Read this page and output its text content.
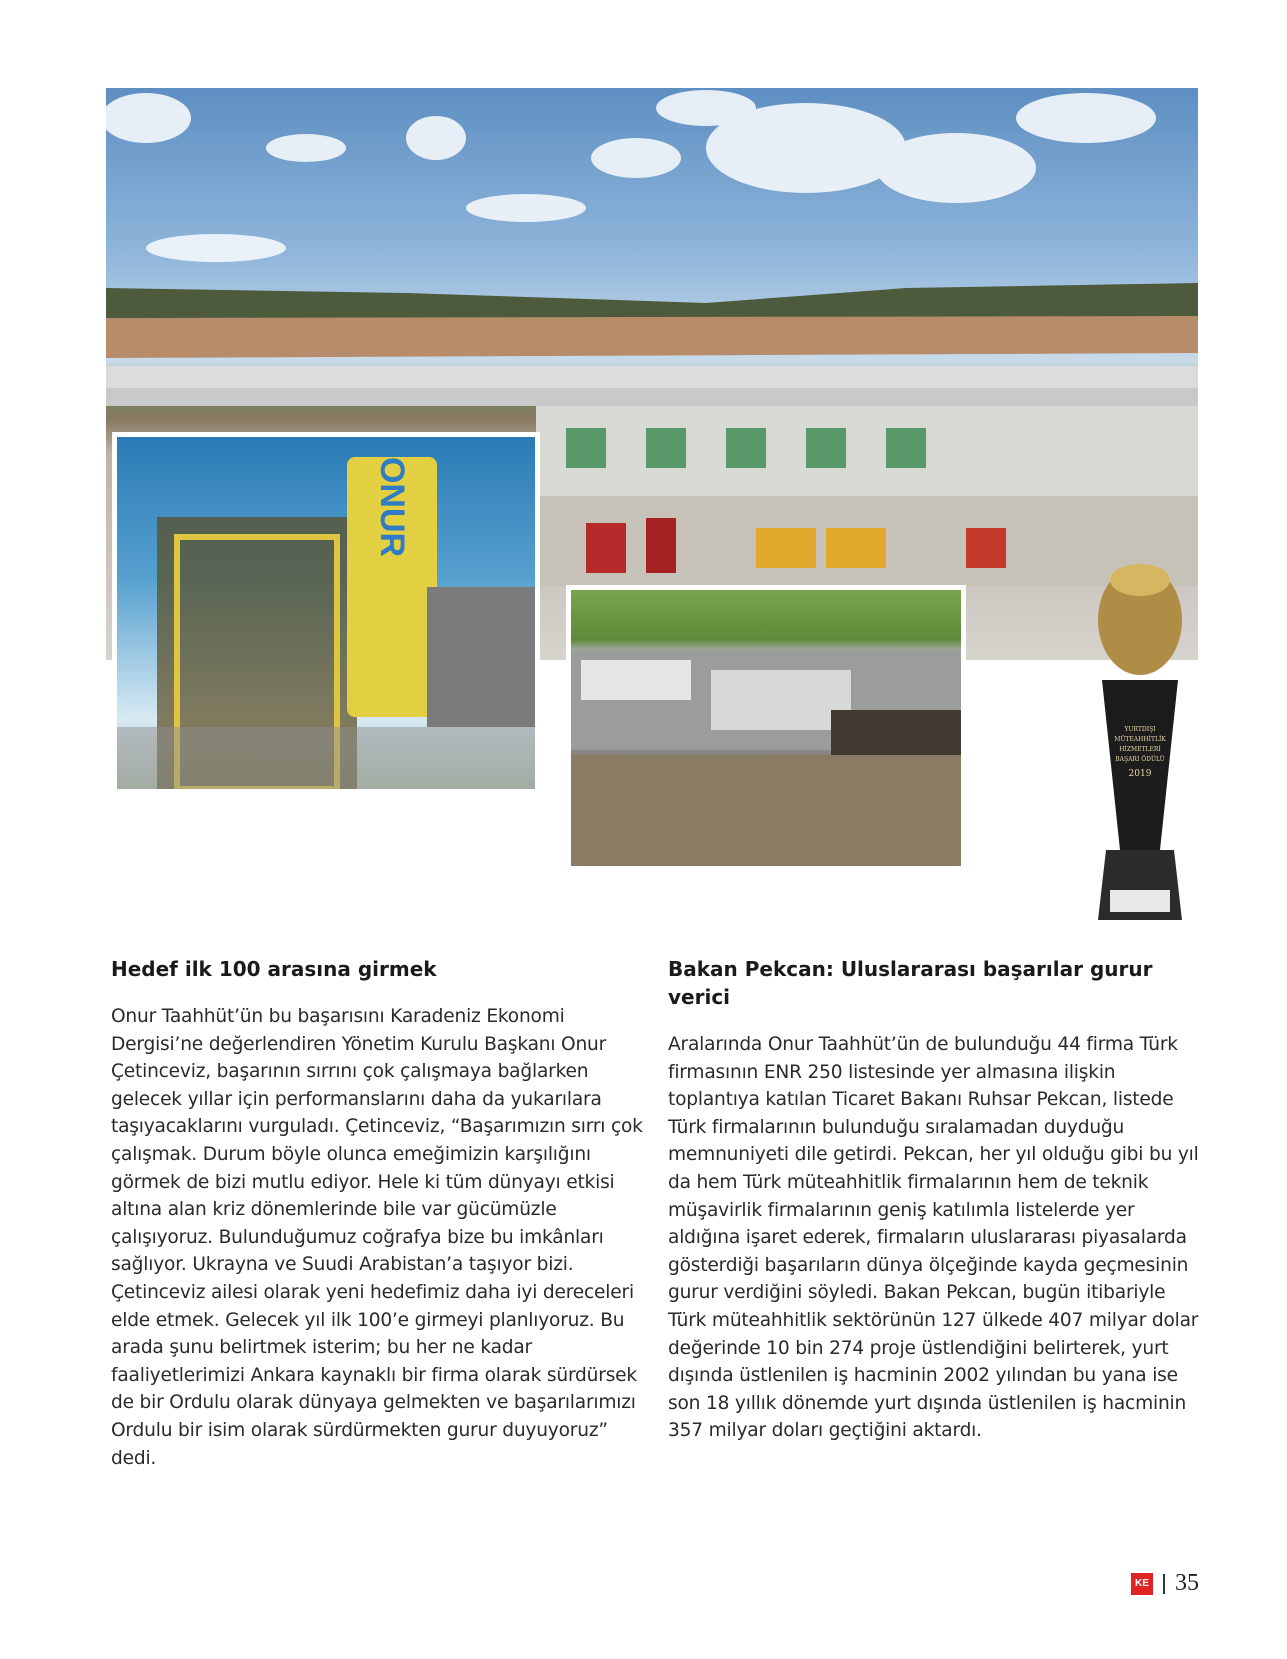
ONUR
YURTDIŞI
MÜTEAHHİTLİK
HİZMETLERİ
BAŞARI ÖDÜLÜ
2019
Hedef ilk 100 arasına girmek

Onur Taahhüt’ün bu başarısını Karadeniz Ekonomi Dergisi’ne değerlendiren Yönetim Kurulu Başkanı Onur Çetinceviz, başarının sırrını çok çalışmaya bağlarken gelecek yıllar için performanslarını daha da yukarılara taşıyacaklarını vurguladı. Çetinceviz, “Başarımızın sırrı çok çalışmak. Durum böyle olunca emeğimizin karşılığını görmek de bizi mutlu ediyor. Hele ki tüm dünyayı etkisi altına alan kriz dönemlerinde bile var gücümüzle çalışıyoruz. Bulunduğumuz coğrafya bize bu imkânları sağlıyor. Ukrayna ve Suudi Arabistan’a taşıyor bizi. Çetinceviz ailesi olarak yeni hedefimiz daha iyi dereceleri elde etmek. Gelecek yıl ilk 100’e girmeyi planlıyoruz. Bu arada şunu belirtmek isterim; bu her ne kadar faaliyetlerimizi Ankara kaynaklı bir firma olarak sürdürsek de bir Ordulu olarak dünyaya gelmekten ve başarılarımızı Ordulu bir isim olarak sürdürmekten gurur duyuyoruz” dedi.

Bakan Pekcan: Uluslararası başarılar gurur verici

Aralarında Onur Taahhüt’ün de bulunduğu 44 firma Türk firmasının ENR 250 listesinde yer almasına ilişkin toplantıya katılan Ticaret Bakanı Ruhsar Pekcan, listede Türk firmalarının bulunduğu sıralamadan duyduğu memnuniyeti dile getirdi. Pekcan, her yıl olduğu gibi bu yıl da hem Türk müteahhitlik firmalarının hem de teknik müşavirlik firmalarının geniş katılımla listelerde yer aldığına işaret ederek, firmaların uluslararası piyasalarda gösterdiği başarıların dünya ölçeğinde kayda geçmesinin gurur verdiğini söyledi. Bakan Pekcan, bugün itibariyle Türk müteahhitlik sektörünün 127 ülkede 407 milyar dolar değerinde 10 bin 274 proje üstlendiğini belirterek, yurt dışında üstlenilen iş hacminin 2002 yılından bu yana ise son 18 yıllık dönemde yurt dışında üstlenilen iş hacminin 357 milyar doları geçtiğini aktardı.

KE 35
